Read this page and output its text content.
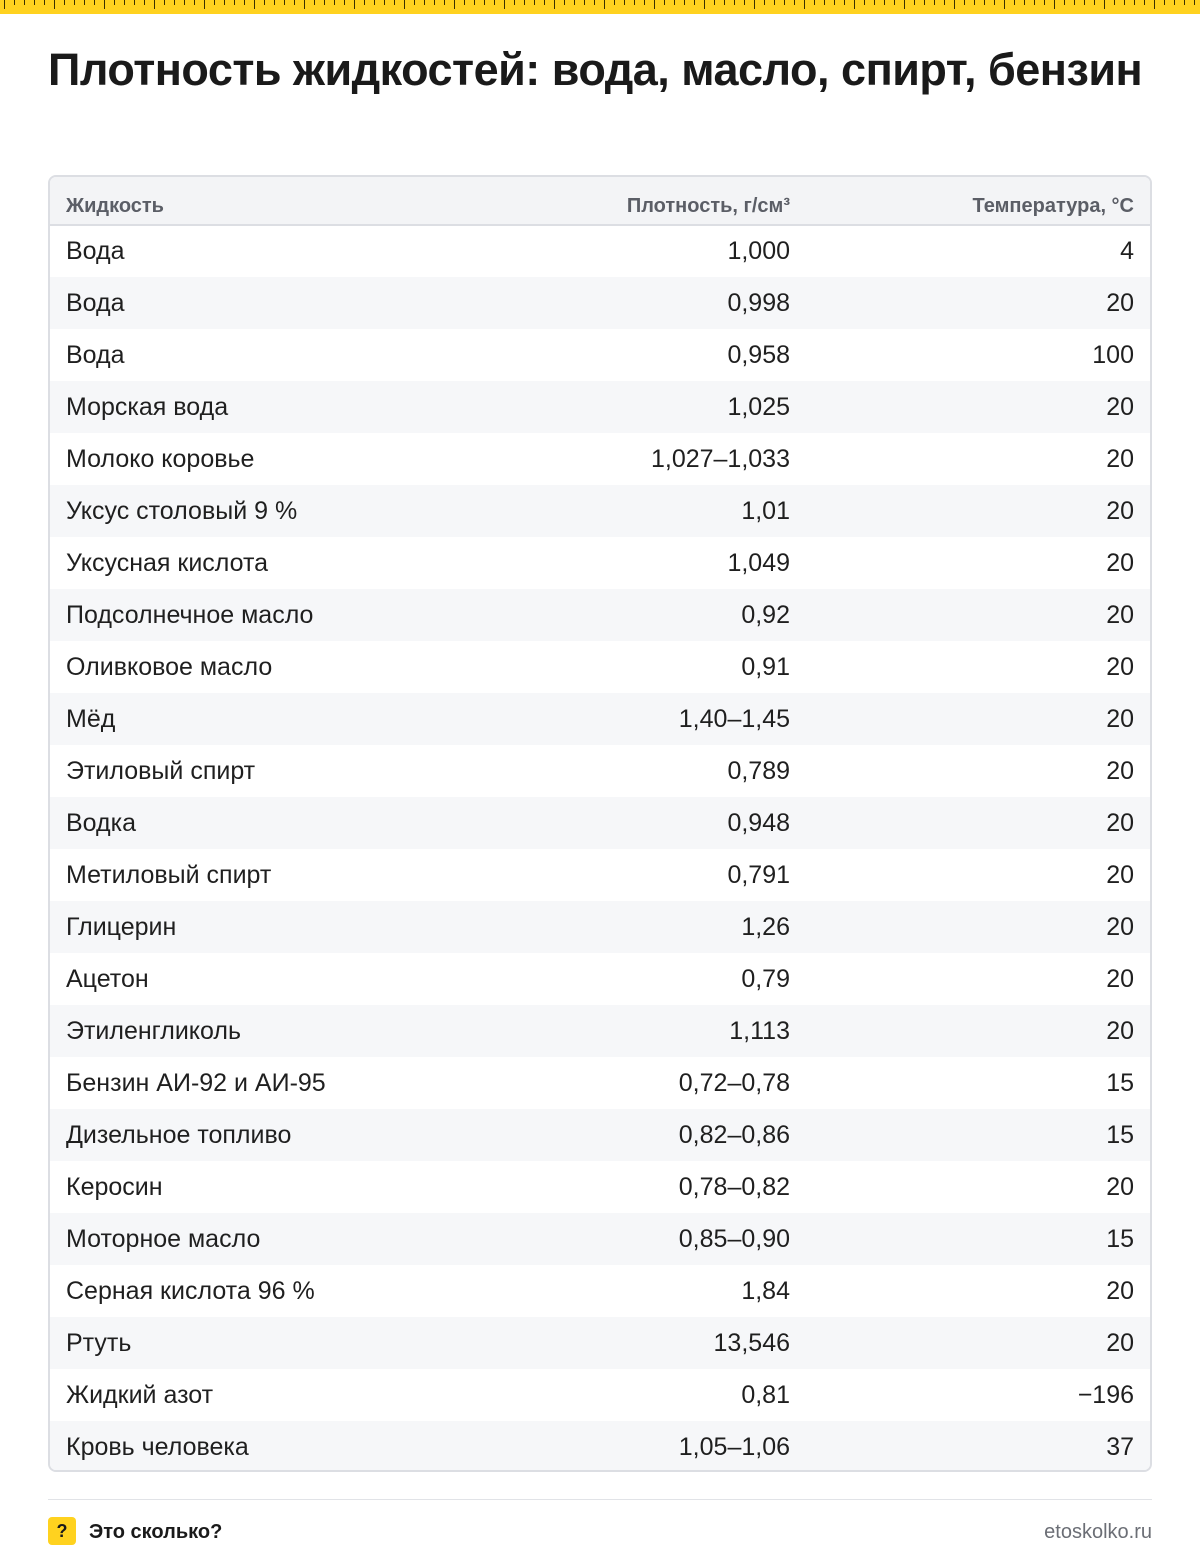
Плотность жидкостей: вода, масло, спирт, бензин
Жидкость	Плотность, г/см³	Температура, °C
Вода	1,000	4
Вода	0,998	20
Вода	0,958	100
Морская вода	1,025	20
Молоко коровье	1,027–1,033	20
Уксус столовый 9 %	1,01	20
Уксусная кислота	1,049	20
Подсолнечное масло	0,92	20
Оливковое масло	0,91	20
Мёд	1,40–1,45	20
Этиловый спирт	0,789	20
Водка	0,948	20
Метиловый спирт	0,791	20
Глицерин	1,26	20
Ацетон	0,79	20
Этиленгликоль	1,113	20
Бензин АИ-92 и АИ-95	0,72–0,78	15
Дизельное топливо	0,82–0,86	15
Керосин	0,78–0,82	20
Моторное масло	0,85–0,90	15
Серная кислота 96 %	1,84	20
Ртуть	13,546	20
Жидкий азот	0,81	−196
Кровь человека	1,05–1,06	37
?	Это сколько?	etoskolko.ru
